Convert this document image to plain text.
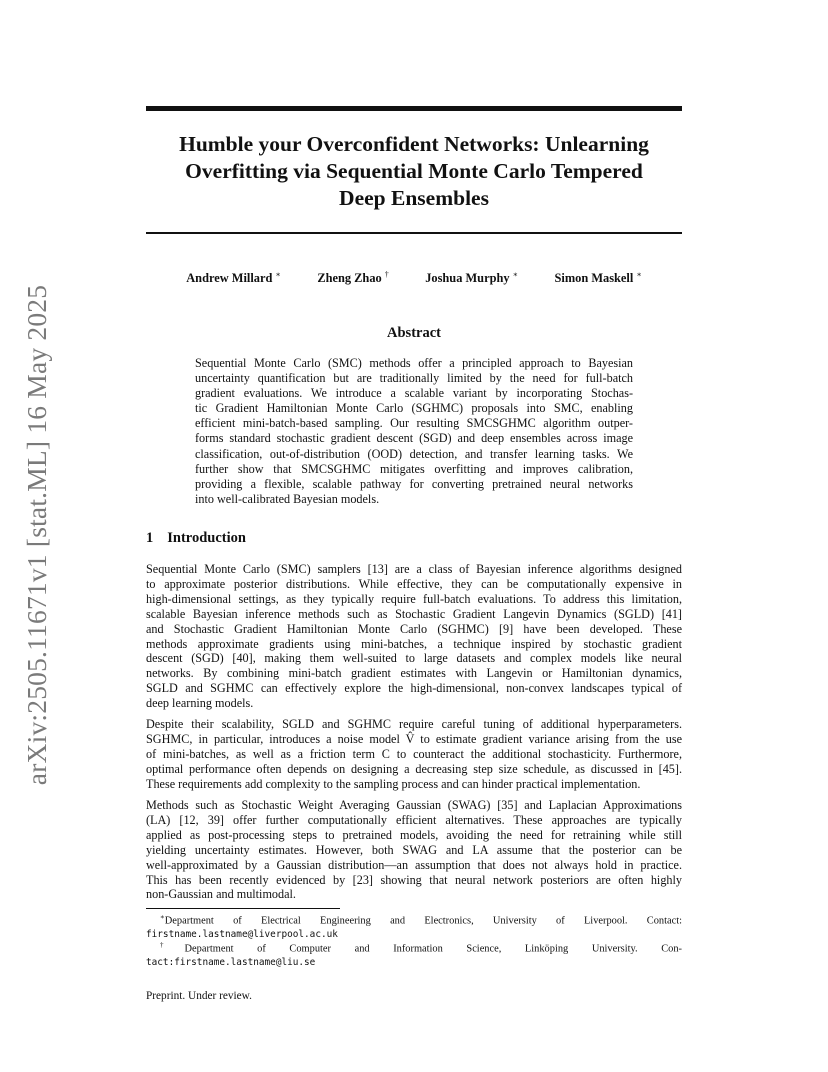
arXiv:2505.11671v1 [stat.ML] 16 May 2025
Humble your Overconfident Networks: Unlearning
Overfitting via Sequential Monte Carlo Tempered
Deep Ensembles
Andrew Millard ∗	Zheng Zhao †	Joshua Murphy ∗	Simon Maskell ∗
Abstract
Sequential Monte Carlo (SMC) methods offer a principled approach to Bayesian
uncertainty quantification but are traditionally limited by the need for full-batch
gradient evaluations. We introduce a scalable variant by incorporating Stochas-
tic Gradient Hamiltonian Monte Carlo (SGHMC) proposals into SMC, enabling
efficient mini-batch-based sampling. Our resulting SMCSGHMC algorithm outper-
forms standard stochastic gradient descent (SGD) and deep ensembles across image
classification, out-of-distribution (OOD) detection, and transfer learning tasks. We
further show that SMCSGHMC mitigates overfitting and improves calibration,
providing a flexible, scalable pathway for converting pretrained neural networks
into well-calibrated Bayesian models.
1 Introduction
Sequential Monte Carlo (SMC) samplers [13] are a class of Bayesian inference algorithms designed
to approximate posterior distributions. While effective, they can be computationally expensive in
high-dimensional settings, as they typically require full-batch evaluations. To address this limitation,
scalable Bayesian inference methods such as Stochastic Gradient Langevin Dynamics (SGLD) [41]
and Stochastic Gradient Hamiltonian Monte Carlo (SGHMC) [9] have been developed. These
methods approximate gradients using mini-batches, a technique inspired by stochastic gradient
descent (SGD) [40], making them well-suited to large datasets and complex models like neural
networks. By combining mini-batch gradient estimates with Langevin or Hamiltonian dynamics,
SGLD and SGHMC can effectively explore the high-dimensional, non-convex landscapes typical of
deep learning models.
Despite their scalability, SGLD and SGHMC require careful tuning of additional hyperparameters.
SGHMC, in particular, introduces a noise model V̂ to estimate gradient variance arising from the use
of mini-batches, as well as a friction term C to counteract the additional stochasticity. Furthermore,
optimal performance often depends on designing a decreasing step size schedule, as discussed in [45].
These requirements add complexity to the sampling process and can hinder practical implementation.
Methods such as Stochastic Weight Averaging Gaussian (SWAG) [35] and Laplacian Approximations
(LA) [12, 39] offer further computationally efficient alternatives. These approaches are typically
applied as post-processing steps to pretrained models, avoiding the need for retraining while still
yielding uncertainty estimates. However, both SWAG and LA assume that the posterior can be
well-approximated by a Gaussian distribution—an assumption that does not always hold in practice.
This has been recently evidenced by [23] showing that neural network posteriors are often highly
non-Gaussian and multimodal.
∗Department of Electrical Engineering and Electronics, University of Liverpool. Contact:
firstname.lastname@liverpool.ac.uk
†Department of Computer and Information Science, Linköping University. Con-
tact:firstname.lastname@liu.se

Preprint. Under review.
